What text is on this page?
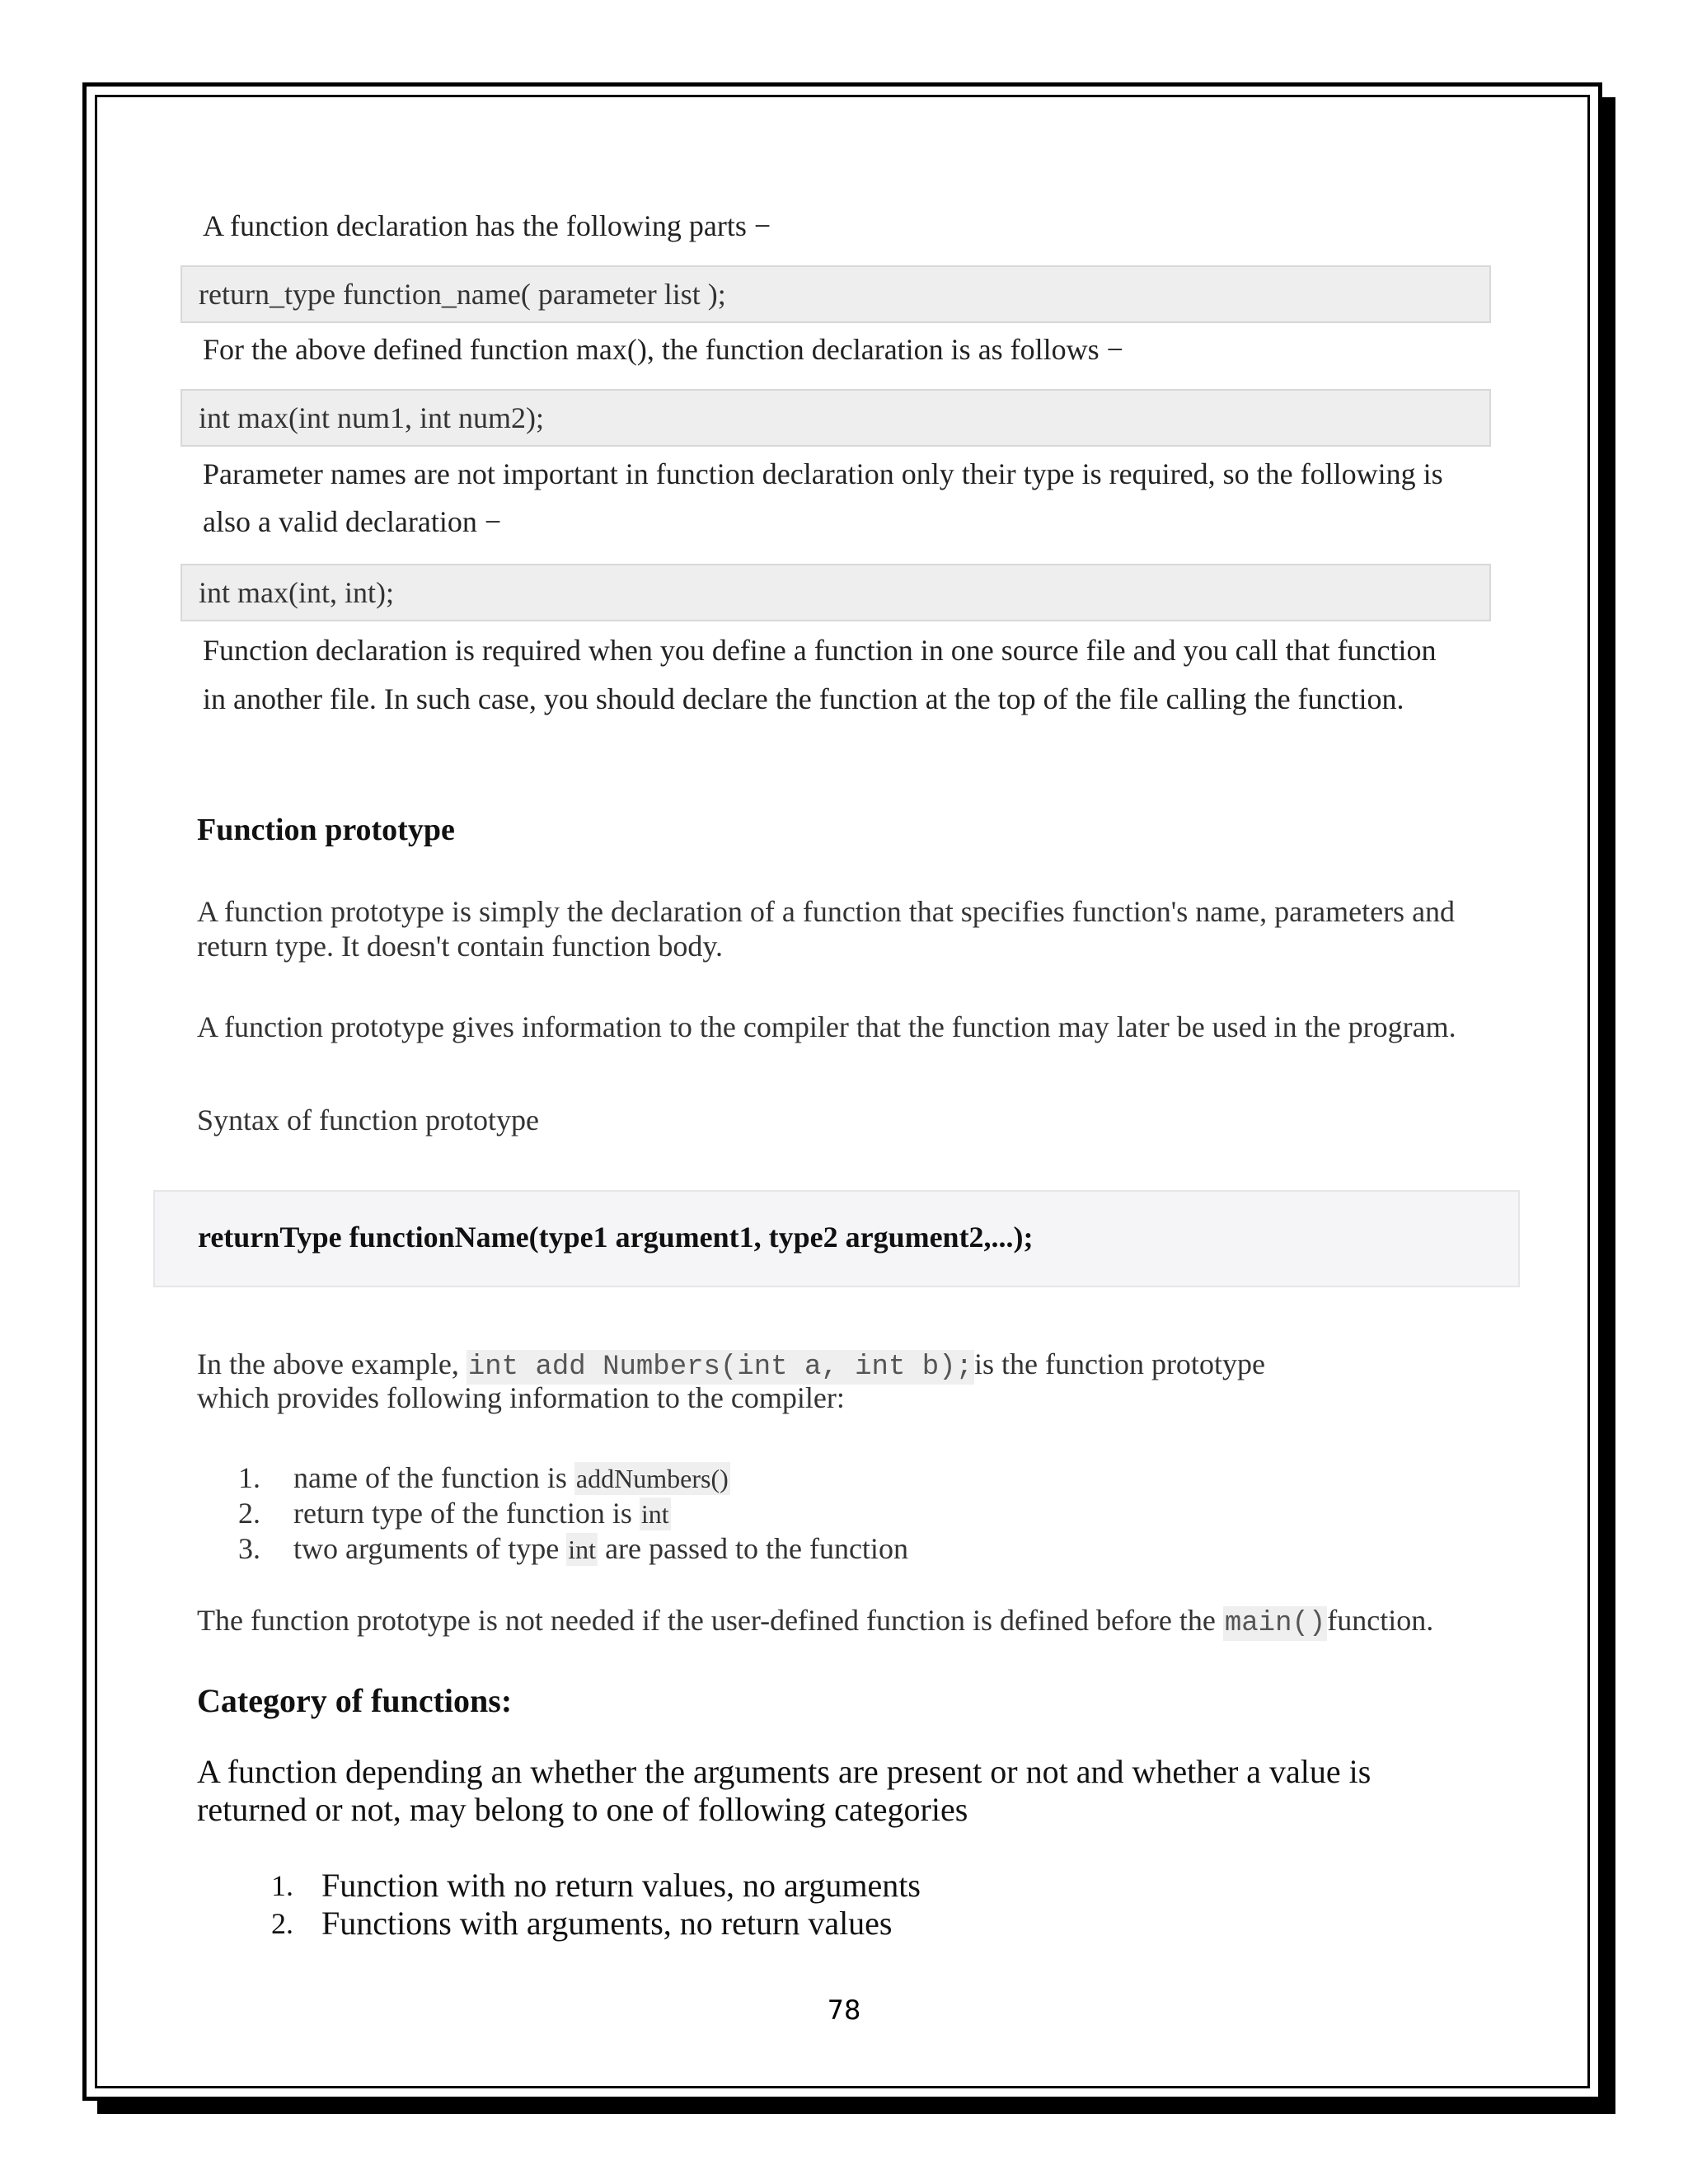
A function declaration has the following parts −

return_type function_name( parameter list );

For the above defined function max(), the function declaration is as follows −

int max(int num1, int num2);

Parameter names are not important in function declaration only their type is required, so the following is

also a valid declaration −

int max(int, int);

Function declaration is required when you define a function in one source file and you call that function

in another file. In such case, you should declare the function at the top of the file calling the function.

Function prototype

A function prototype is simply the declaration of a function that specifies function's name, parameters and

return type. It doesn't contain function body.

A function prototype gives information to the compiler that the function may later be used in the program.

Syntax of function prototype

returnType functionName(type1 argument1, type2 argument2,...);

In the above example, int add Numbers(int a, int b);is the function prototype

which provides following information to the compiler:

1. name of the function is addNumbers()
2. return type of the function is int
3. two arguments of type int are passed to the function

The function prototype is not needed if the user-defined function is defined before the main()function.

Category of functions:

A function depending an whether the arguments are present or not and whether a value is

returned or not, may belong to one of following categories

1. Function with no return values, no arguments
2. Functions with arguments, no return values
78
